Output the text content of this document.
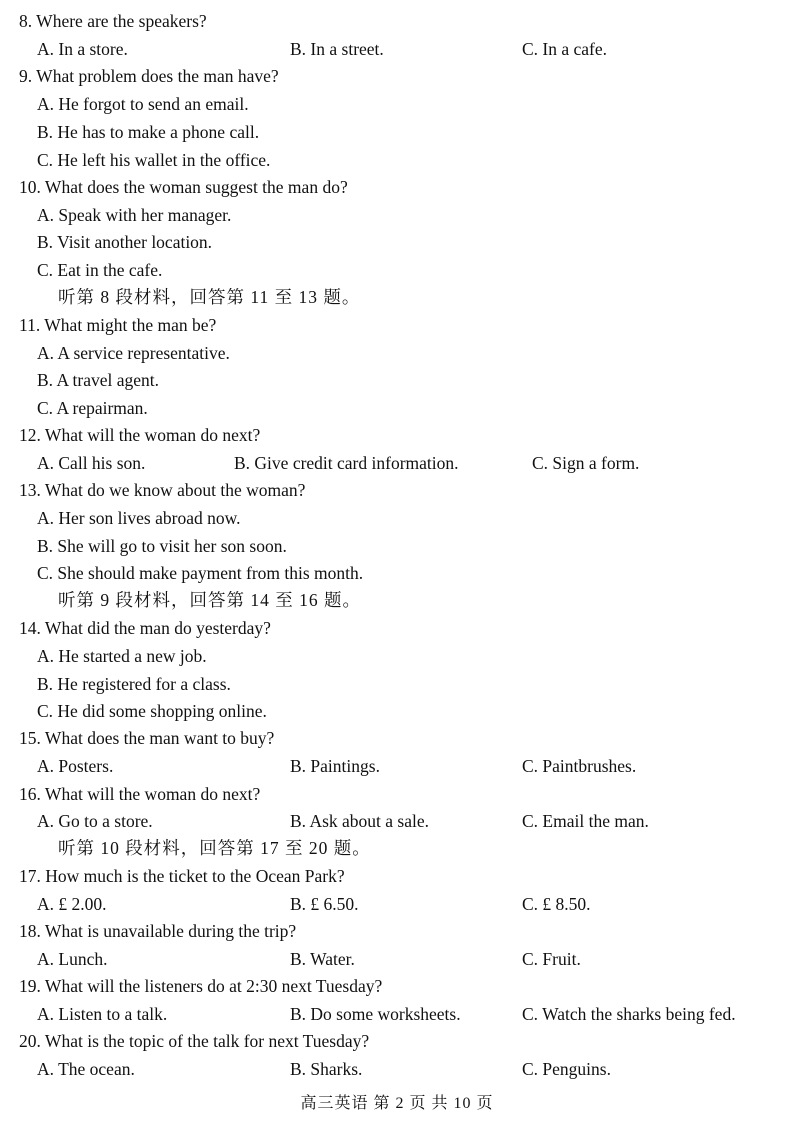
8. Where are the speakers?
A. In a store.	B. In a street.	C. In a cafe.
9. What problem does the man have?
A. He forgot to send an email.
B. He has to make a phone call.
C. He left his wallet in the office.
10. What does the woman suggest the man do?
A. Speak with her manager.
B. Visit another location.
C. Eat in the cafe.
听第 8 段材料，回答第 11 至 13 题。
11. What might the man be?
A. A service representative.
B. A travel agent.
C. A repairman.
12. What will the woman do next?
A. Call his son.	B. Give credit card information.	C. Sign a form.
13. What do we know about the woman?
A. Her son lives abroad now.
B. She will go to visit her son soon.
C. She should make payment from this month.
听第 9 段材料，回答第 14 至 16 题。
14. What did the man do yesterday?
A. He started a new job.
B. He registered for a class.
C. He did some shopping online.
15. What does the man want to buy?
A. Posters.	B. Paintings.	C. Paintbrushes.
16. What will the woman do next?
A. Go to a store.	B. Ask about a sale.	C. Email the man.
听第 10 段材料，回答第 17 至 20 题。
17. How much is the ticket to the Ocean Park?
A. £ 2.00.	B. £ 6.50.	C. £ 8.50.
18. What is unavailable during the trip?
A. Lunch.	B. Water.	C. Fruit.
19. What will the listeners do at 2:30 next Tuesday?
A. Listen to a talk.	B. Do some worksheets.	C. Watch the sharks being fed.
20. What is the topic of the talk for next Tuesday?
A. The ocean.	B. Sharks.	C. Penguins.
高三英语 第 2 页 共 10 页
